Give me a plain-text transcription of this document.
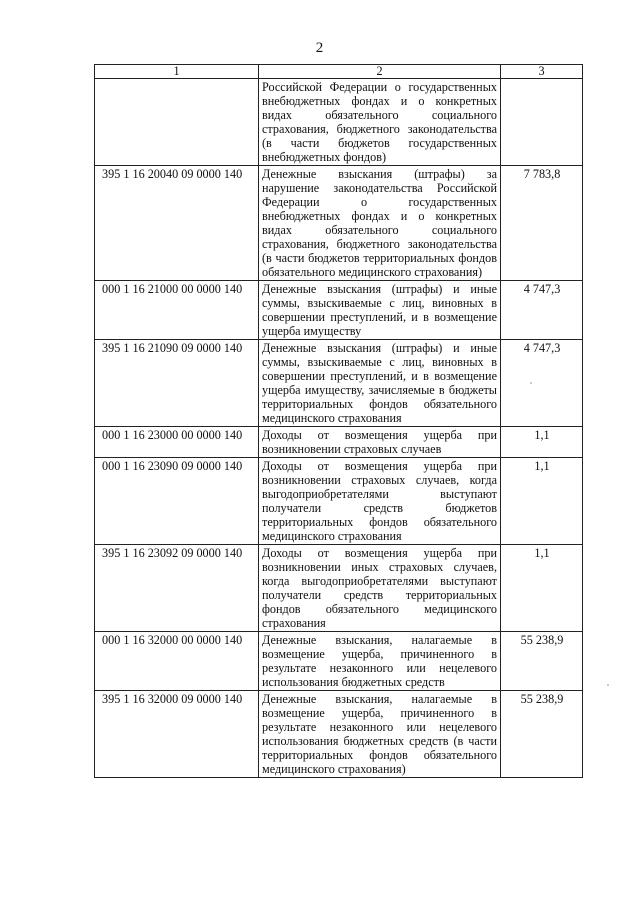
2
1	2	3
	Российской Федерации о государственных внебюджетных фондах и о конкретных видах обязательного социального страхования, бюджетного законодательства (в части бюджетов государственных внебюджетных фондов)	
395 1 16 20040 09 0000 140	Денежные взыскания (штрафы) за нарушение законодательства Российской Федерации о государственных внебюджетных фондах и о конкретных видах обязательного социального страхования, бюджетного законодательства (в части бюджетов территориальных фондов обязательного медицинского страхования)	7 783,8
000 1 16 21000 00 0000 140	Денежные взыскания (штрафы) и иные суммы, взыскиваемые с лиц, виновных в совершении преступлений, и в возмещение ущерба имуществу	4 747,3
395 1 16 21090 09 0000 140	Денежные взыскания (штрафы) и иные суммы, взыскиваемые с лиц, виновных в совершении преступлений, и в возмещение ущерба имуществу, зачисляемые в бюджеты территориальных фондов обязательного медицинского страхования	4 747,3
000 1 16 23000 00 0000 140	Доходы от возмещения ущерба при возникновении страховых случаев	1,1
000 1 16 23090 09 0000 140	Доходы от возмещения ущерба при возникновении страховых случаев, когда выгодоприобретателями выступают получатели средств бюджетов территориальных фондов обязательного медицинского страхования	1,1
395 1 16 23092 09 0000 140	Доходы от возмещения ущерба при возникновении иных страховых случаев, когда выгодоприобретателями выступают получатели средств территориальных фондов обязательного медицинского страхования	1,1
000 1 16 32000 00 0000 140	Денежные взыскания, налагаемые в возмещение ущерба, причиненного в результате незаконного или нецелевого использования бюджетных средств	55 238,9
395 1 16 32000 09 0000 140	Денежные взыскания, налагаемые в возмещение ущерба, причиненного в результате незаконного или нецелевого использования бюджетных средств (в части территориальных фондов обязательного медицинского страхования)	55 238,9
